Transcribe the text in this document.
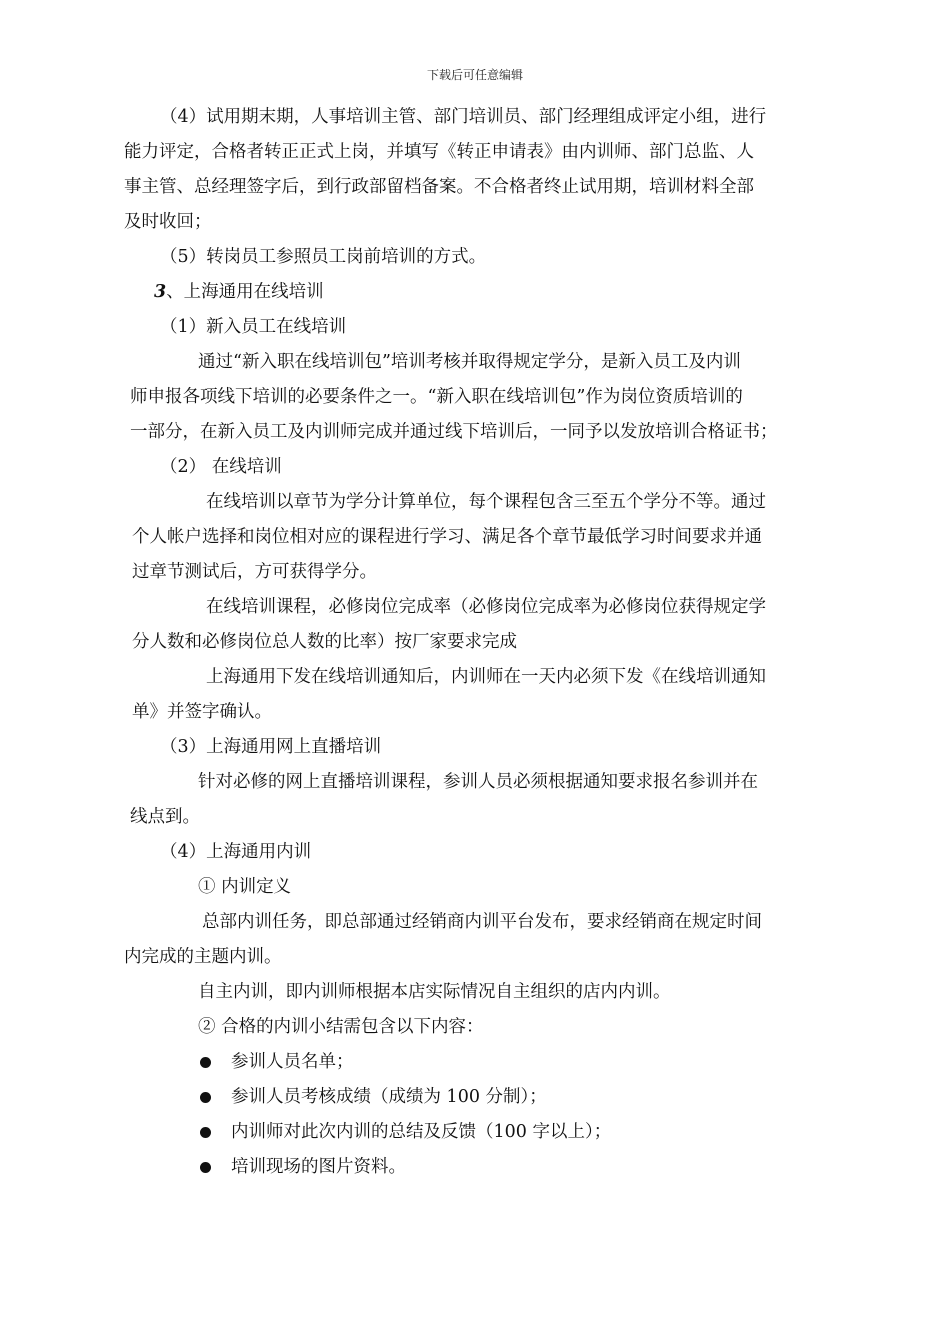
下载后可任意编辑
（4）试用期末期，人事培训主管、部门培训员、部门经理组成评定小组，进行
能力评定，合格者转正正式上岗，并填写《转正申请表》由内训师、部门总监、人
事主管、总经理签字后，到行政部留档备案。不合格者终止试用期，培训材料全部
及时收回；
（5）转岗员工参照员工岗前培训的方式。
3、上海通用在线培训
（1）新入员工在线培训
通过“新入职在线培训包”培训考核并取得规定学分，是新入员工及内训
师申报各项线下培训的必要条件之一。“新入职在线培训包”作为岗位资质培训的
一部分，在新入员工及内训师完成并通过线下培训后，一同予以发放培训合格证书；
（2） 在线培训
在线培训以章节为学分计算单位，每个课程包含三至五个学分不等。通过
个人帐户选择和岗位相对应的课程进行学习、满足各个章节最低学习时间要求并通
过章节测试后，方可获得学分。
在线培训课程，必修岗位完成率（必修岗位完成率为必修岗位获得规定学
分人数和必修岗位总人数的比率）按厂家要求完成
上海通用下发在线培训通知后，内训师在一天内必须下发《在线培训通知
单》并签字确认。
（3）上海通用网上直播培训
针对必修的网上直播培训课程，参训人员必须根据通知要求报名参训并在
线点到。
（4）上海通用内训
① 内训定义
总部内训任务，即总部通过经销商内训平台发布，要求经销商在规定时间
内完成的主题内训。
自主内训，即内训师根据本店实际情况自主组织的店内内训。
② 合格的内训小结需包含以下内容：
参训人员名单；
参训人员考核成绩（成绩为 100 分制）；
内训师对此次内训的总结及反馈（100 字以上）；
培训现场的图片资料。
